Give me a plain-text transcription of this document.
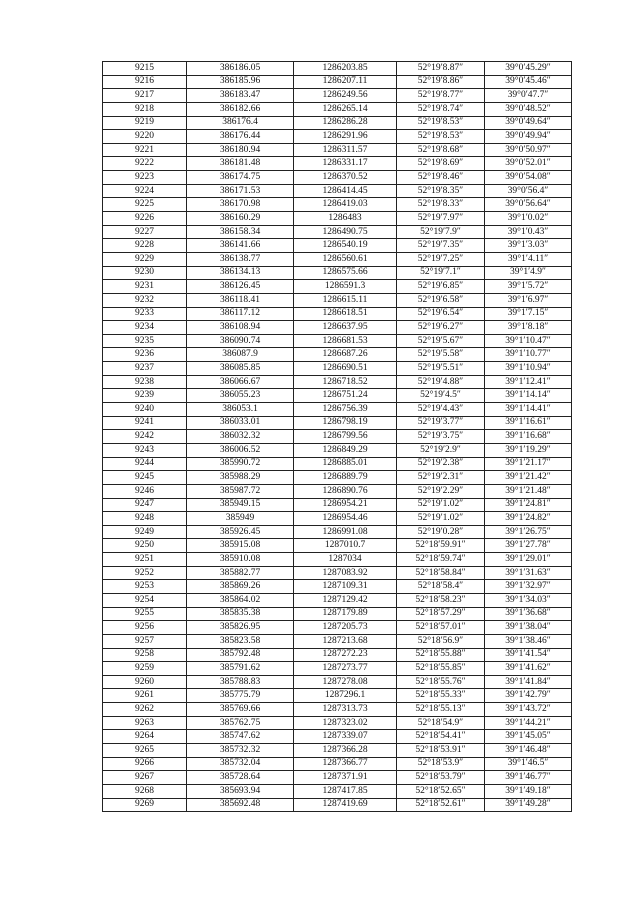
9215	386186.05	1286203.85	52°19′8.87″	39°0′45.29″
9216	386185.96	1286207.11	52°19′8.86″	39°0′45.46″
9217	386183.47	1286249.56	52°19′8.77″	39°0′47.7″
9218	386182.66	1286265.14	52°19′8.74″	39°0′48.52″
9219	386176.4	1286286.28	52°19′8.53″	39°0′49.64″
9220	386176.44	1286291.96	52°19′8.53″	39°0′49.94″
9221	386180.94	1286311.57	52°19′8.68″	39°0′50.97″
9222	386181.48	1286331.17	52°19′8.69″	39°0′52.01″
9223	386174.75	1286370.52	52°19′8.46″	39°0′54.08″
9224	386171.53	1286414.45	52°19′8.35″	39°0′56.4″
9225	386170.98	1286419.03	52°19′8.33″	39°0′56.64″
9226	386160.29	1286483	52°19′7.97″	39°1′0.02″
9227	386158.34	1286490.75	52°19′7.9″	39°1′0.43″
9228	386141.66	1286540.19	52°19′7.35″	39°1′3.03″
9229	386138.77	1286560.61	52°19′7.25″	39°1′4.11″
9230	386134.13	1286575.66	52°19′7.1″	39°1′4.9″
9231	386126.45	1286591.3	52°19′6.85″	39°1′5.72″
9232	386118.41	1286615.11	52°19′6.58″	39°1′6.97″
9233	386117.12	1286618.51	52°19′6.54″	39°1′7.15″
9234	386108.94	1286637.95	52°19′6.27″	39°1′8.18″
9235	386090.74	1286681.53	52°19′5.67″	39°1′10.47″
9236	386087.9	1286687.26	52°19′5.58″	39°1′10.77″
9237	386085.85	1286690.51	52°19′5.51″	39°1′10.94″
9238	386066.67	1286718.52	52°19′4.88″	39°1′12.41″
9239	386055.23	1286751.24	52°19′4.5″	39°1′14.14″
9240	386053.1	1286756.39	52°19′4.43″	39°1′14.41″
9241	386033.01	1286798.19	52°19′3.77″	39°1′16.61″
9242	386032.32	1286799.56	52°19′3.75″	39°1′16.68″
9243	386006.52	1286849.29	52°19′2.9″	39°1′19.29″
9244	385990.72	1286885.01	52°19′2.38″	39°1′21.17″
9245	385988.29	1286889.79	52°19′2.31″	39°1′21.42″
9246	385987.72	1286890.76	52°19′2.29″	39°1′21.48″
9247	385949.15	1286954.21	52°19′1.02″	39°1′24.81″
9248	385949	1286954.46	52°19′1.02″	39°1′24.82″
9249	385926.45	1286991.08	52°19′0.28″	39°1′26.75″
9250	385915.08	1287010.7	52°18′59.91″	39°1′27.78″
9251	385910.08	1287034	52°18′59.74″	39°1′29.01″
9252	385882.77	1287083.92	52°18′58.84″	39°1′31.63″
9253	385869.26	1287109.31	52°18′58.4″	39°1′32.97″
9254	385864.02	1287129.42	52°18′58.23″	39°1′34.03″
9255	385835.38	1287179.89	52°18′57.29″	39°1′36.68″
9256	385826.95	1287205.73	52°18′57.01″	39°1′38.04″
9257	385823.58	1287213.68	52°18′56.9″	39°1′38.46″
9258	385792.48	1287272.23	52°18′55.88″	39°1′41.54″
9259	385791.62	1287273.77	52°18′55.85″	39°1′41.62″
9260	385788.83	1287278.08	52°18′55.76″	39°1′41.84″
9261	385775.79	1287296.1	52°18′55.33″	39°1′42.79″
9262	385769.66	1287313.73	52°18′55.13″	39°1′43.72″
9263	385762.75	1287323.02	52°18′54.9″	39°1′44.21″
9264	385747.62	1287339.07	52°18′54.41″	39°1′45.05″
9265	385732.32	1287366.28	52°18′53.91″	39°1′46.48″
9266	385732.04	1287366.77	52°18′53.9″	39°1′46.5″
9267	385728.64	1287371.91	52°18′53.79″	39°1′46.77″
9268	385693.94	1287417.85	52°18′52.65″	39°1′49.18″
9269	385692.48	1287419.69	52°18′52.61″	39°1′49.28″
